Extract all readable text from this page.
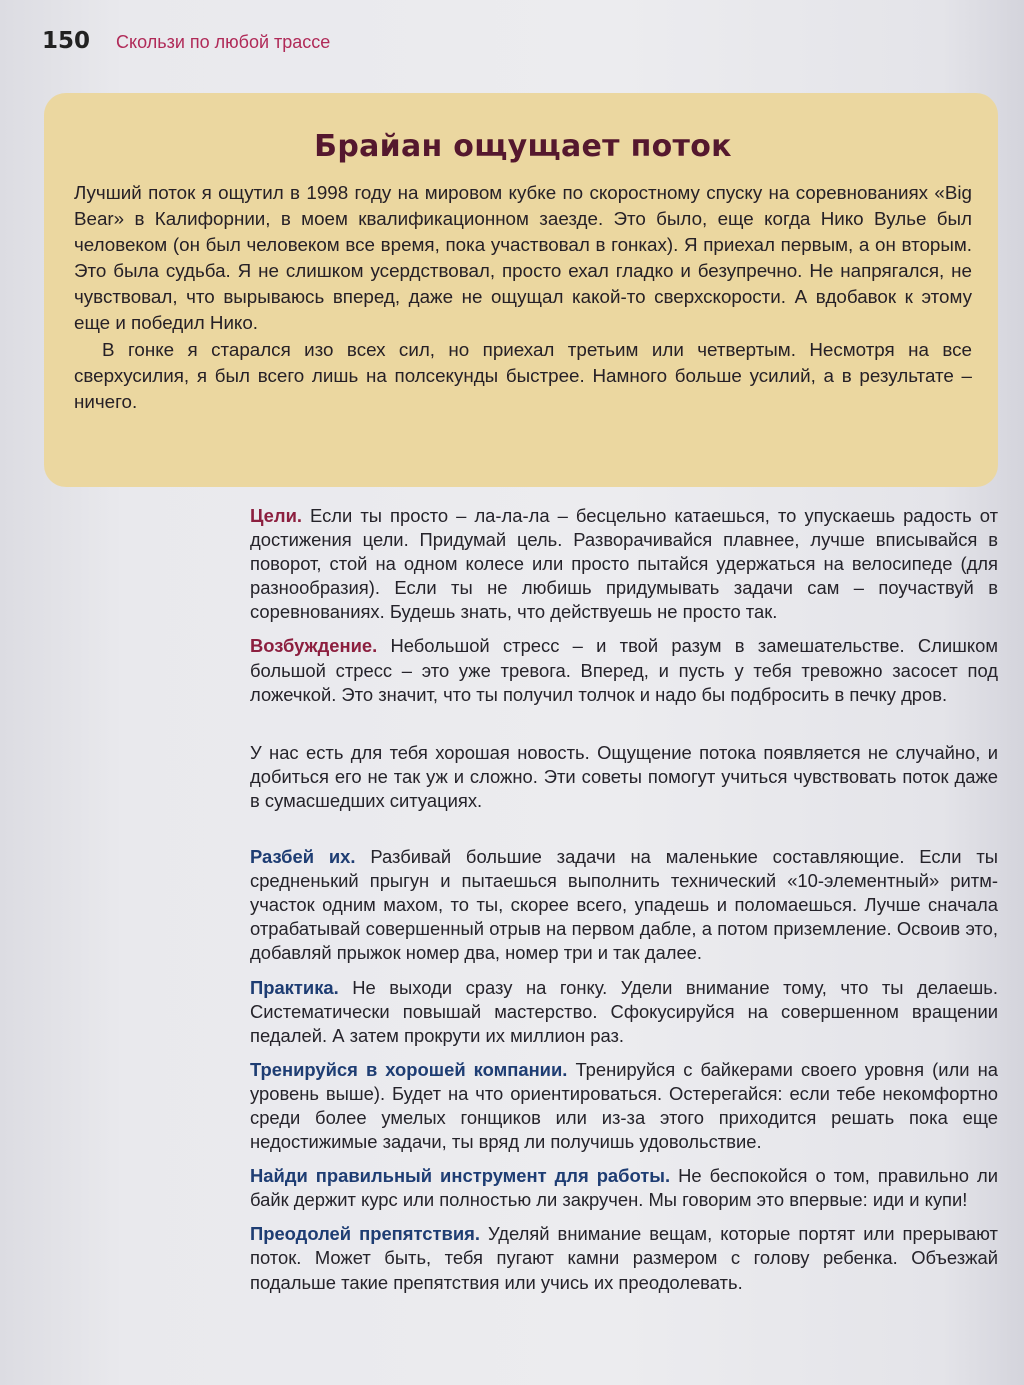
150 Скользи по любой трассе
Брайан ощущает поток

Лучший поток я ощутил в 1998 году на мировом кубке по скоростному спуску на соревнованиях «Big Bear» в Калифорнии, в моем квалификационном заезде. Это было, еще когда Нико Вулье был человеком (он был человеком все время, пока участвовал в гонках). Я приехал первым, а он вторым. Это была судьба. Я не слишком усердствовал, просто ехал гладко и безупречно. Не напрягался, не чувствовал, что вырываюсь вперед, даже не ощущал какой-то сверхскорости. А вдобавок к этому еще и победил Нико.

В гонке я старался изо всех сил, но приехал третьим или четвертым. Несмотря на все сверхусилия, я был всего лишь на полсекунды быстрее. Намного больше усилий, а в результате – ничего.

Цели. Если ты просто – ла-ла-ла – бесцельно катаешься, то упускаешь радость от достижения цели. Придумай цель. Разворачивайся плавнее, лучше вписывайся в поворот, стой на одном колесе или просто пытайся удержаться на велосипеде (для разнообразия). Если ты не любишь придумывать задачи сам – поучаствуй в соревнованиях. Будешь знать, что действуешь не просто так.

Возбуждение. Небольшой стресс – и твой разум в замешательстве. Слишком большой стресс – это уже тревога. Вперед, и пусть у тебя тревожно засосет под ложечкой. Это значит, что ты получил толчок и надо бы подбросить в печку дров.

У нас есть для тебя хорошая новость. Ощущение потока появляется не случайно, и добиться его не так уж и сложно. Эти советы помогут учиться чувствовать поток даже в сумасшедших ситуациях.

Разбей их. Разбивай большие задачи на маленькие составляющие. Если ты средненький прыгун и пытаешься выполнить технический «10-элементный» ритм-участок одним махом, то ты, скорее всего, упадешь и поломаешься. Лучше сначала отрабатывай совершенный отрыв на первом дабле, а потом приземление. Освоив это, добавляй прыжок номер два, номер три и так далее.

Практика. Не выходи сразу на гонку. Удели внимание тому, что ты делаешь. Систематически повышай мастерство. Сфокусируйся на совершенном вращении педалей. А затем прокрути их миллион раз.

Тренируйся в хорошей компании. Тренируйся с байкерами своего уровня (или на уровень выше). Будет на что ориентироваться. Остерегайся: если тебе некомфортно среди более умелых гонщиков или из-за этого приходится решать пока еще недостижимые задачи, ты вряд ли получишь удовольствие.

Найди правильный инструмент для работы. Не беспокойся о том, правильно ли байк держит курс или полностью ли закручен. Мы говорим это впервые: иди и купи!

Преодолей препятствия. Уделяй внимание вещам, которые портят или прерывают поток. Может быть, тебя пугают камни размером с голову ребенка. Объезжай подальше такие препятствия или учись их преодолевать.
